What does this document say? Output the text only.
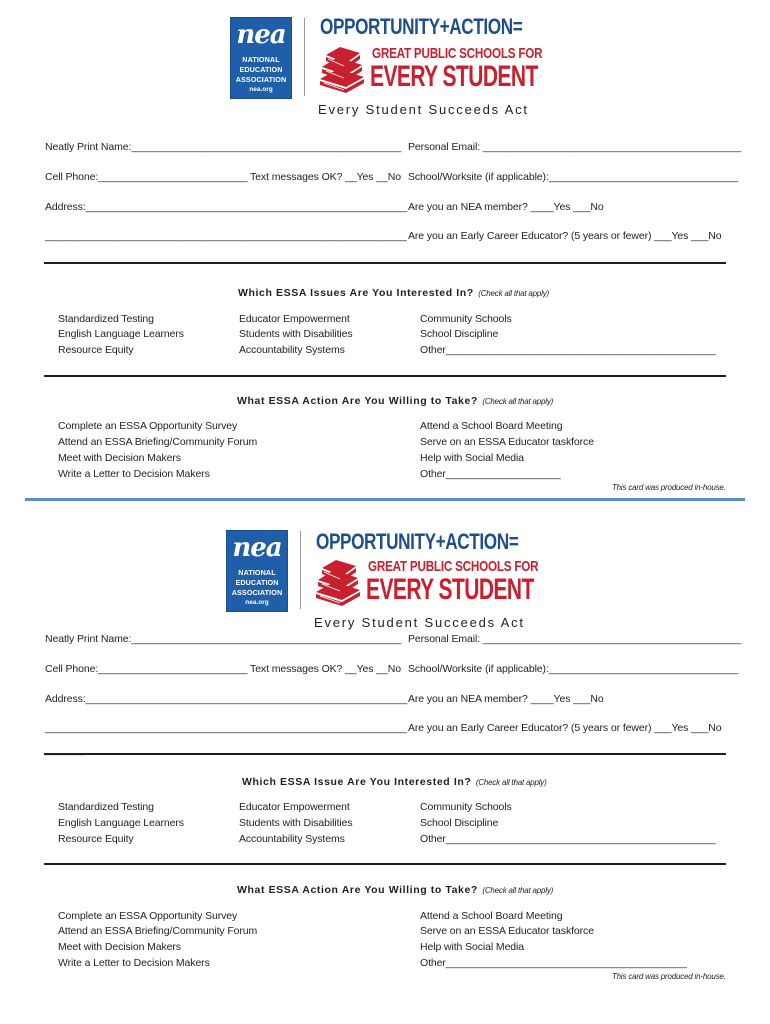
nea
NATIONAL
EDUCATION
ASSOCIATION
nea.org
OPPORTUNITY+ACTION=
GREAT PUBLIC SCHOOLS FOR
EVERY STUDENT
Every Student Succeeds Act
Neatly Print Name:_______________________________________________ Personal Email: _____________________________________________
Cell Phone:__________________________ Text messages OK? __Yes __No School/Worksite (if applicable):_________________________________
Address:________________________________________________________ Are you an NEA member? ____Yes ___No
_______________________________________________________________ Are you an Early Career Educator? (5 years or fewer) ___Yes ___No
_______
Which ESSA Issues Are You Interested In? (Check all that apply)
Standardized Testing
English Language Learners
Resource Equity
Educator Empowerment
Students with Disabilities
Accountability Systems
Community Schools
School Discipline
Other_______________________________________________
What ESSA Action Are You Willing to Take? (Check all that apply)
Complete an ESSA Opportunity Survey
Attend an ESSA Briefing/Community Forum
Meet with Decision Makers
Write a Letter to Decision Makers
Attend a School Board Meeting
Serve on an ESSA Educator taskforce
Help with Social Media
Other____________________
This card was produced in-house.
nea
NATIONAL
EDUCATION
ASSOCIATION
nea.org
OPPORTUNITY+ACTION=
GREAT PUBLIC SCHOOLS FOR
EVERY STUDENT
Every Student Succeeds Act
Neatly Print Name:_______________________________________________ Personal Email: _____________________________________________
Cell Phone:__________________________ Text messages OK? __Yes __No School/Worksite (if applicable):_________________________________
Address:________________________________________________________ Are you an NEA member? ____Yes ___No
_______________________________________________________________ Are you an Early Career Educator? (5 years or fewer) ___Yes ___No
_______
Which ESSA Issue Are You Interested In? (Check all that apply)
Standardized Testing
English Language Learners
Resource Equity
Educator Empowerment
Students with Disabilities
Accountability Systems
Community Schools
School Discipline
Other_______________________________________________
What ESSA Action Are You Willing to Take? (Check all that apply)
Complete an ESSA Opportunity Survey
Attend an ESSA Briefing/Community Forum
Meet with Decision Makers
Write a Letter to Decision Makers
Attend a School Board Meeting
Serve on an ESSA Educator taskforce
Help with Social Media
Other__________________________________________
This card was produced in-house.
